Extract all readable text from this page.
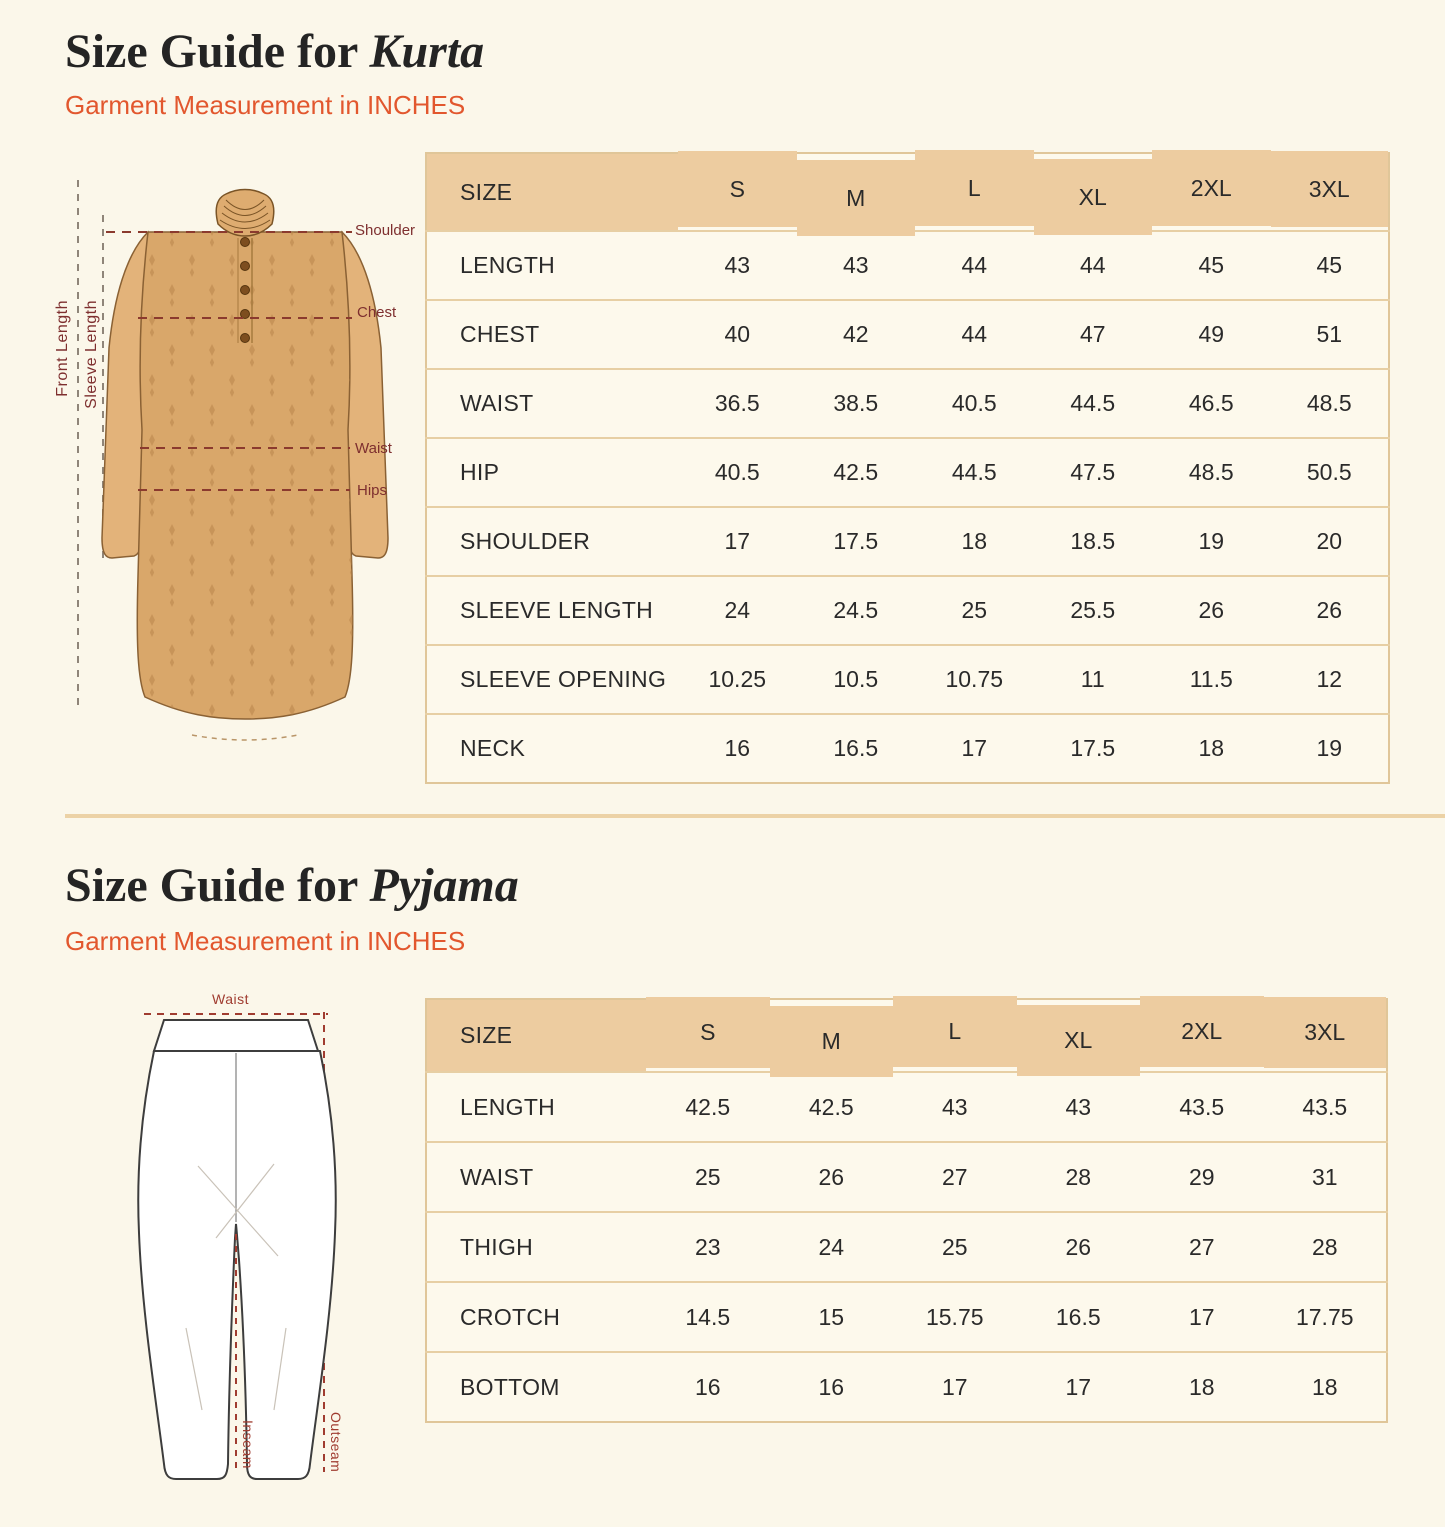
Size Guide for Kurta

Garment Measurement in INCHES

Shoulder
Chest
Waist
Hips
Front Length Sleeve Length
SIZE	S	M	L	XL	2XL	3XL
LENGTH	43	43	44	44	45	45
CHEST	40	42	44	47	49	51
WAIST	36.5	38.5	40.5	44.5	46.5	48.5
HIP	40.5	42.5	44.5	47.5	48.5	50.5
SHOULDER	17	17.5	18	18.5	19	20
SLEEVE LENGTH	24	24.5	25	25.5	26	26
SLEEVE OPENING	10.25	10.5	10.75	11	11.5	12
NECK	16	16.5	17	17.5	18	19
Size Guide for Pyjama

Garment Measurement in INCHES

Waist
Inseam	Outseam
SIZE	S	M	L	XL	2XL	3XL
LENGTH	42.5	42.5	43	43	43.5	43.5
WAIST	25	26	27	28	29	31
THIGH	23	24	25	26	27	28
CROTCH	14.5	15	15.75	16.5	17	17.75
BOTTOM	16	16	17	17	18	18
